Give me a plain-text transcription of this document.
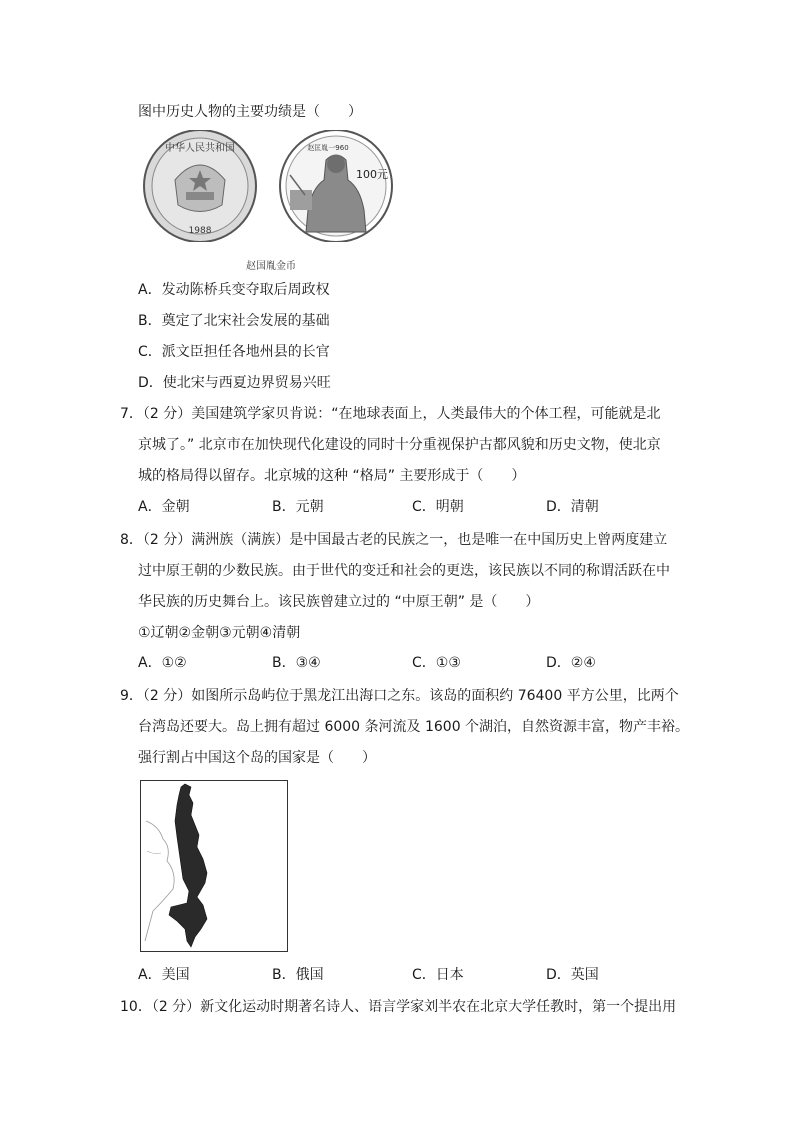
图中历史人物的主要功绩是（　　）
中华人民共和国
1988
赵匡胤一960
100元
赵国胤金币
A．发动陈桥兵变夺取后周政权
B．奠定了北宋社会发展的基础
C．派文臣担任各地州县的长官
D．使北宋与西夏边界贸易兴旺
7．（2 分）美国建筑学家贝肯说：“在地球表面上，人类最伟大的个体工程，可能就是北
京城了。” 北京市在加快现代化建设的同时十分重视保护古都风貌和历史文物，使北京
城的格局得以留存。北京城的这种 “格局” 主要形成于（　　）
A．金朝	B．元朝	C．明朝	D．清朝
8．（2 分）满洲族（满族）是中国最古老的民族之一，也是唯一在中国历史上曾两度建立
过中原王朝的少数民族。由于世代的变迁和社会的更迭，该民族以不同的称谓活跃在中
华民族的历史舞台上。该民族曾建立过的 “中原王朝” 是（　　）
①辽朝②金朝③元朝④清朝
A．①②	B．③④	C．①③	D．②④
9．（2 分）如图所示岛屿位于黑龙江出海口之东。该岛的面积约 76400 平方公里，比两个
台湾岛还要大。岛上拥有超过 6000 条河流及 1600 个湖泊，自然资源丰富，物产丰裕。
强行割占中国这个岛的国家是（　　）
A．美国	B．俄国	C．日本	D．英国
10．（2 分）新文化运动时期著名诗人、语言学家刘半农在北京大学任教时，第一个提出用
